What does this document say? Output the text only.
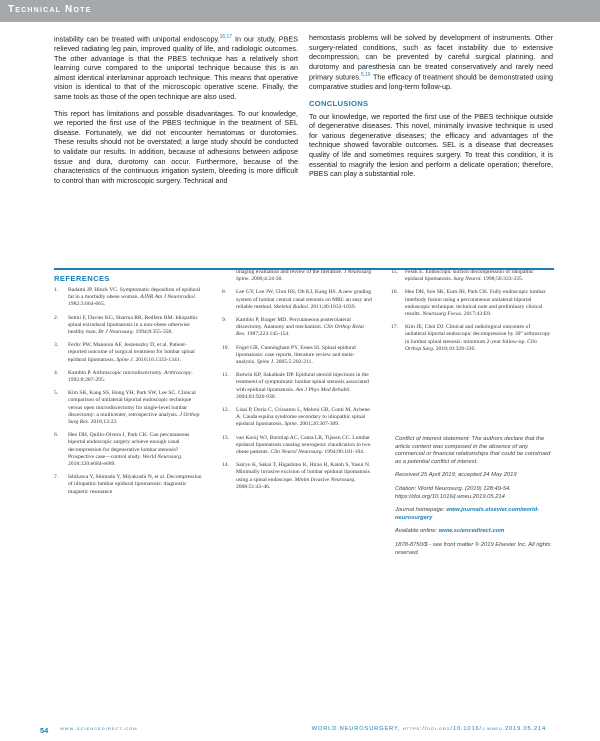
Technical Note

instability can be treated with uniportal endoscopy.$^{16,17}$ In our study, PBES relieved radiating leg pain, improved quality of life, and radiologic outcomes. The other advantage is that the PBES technique has a relatively short learning curve compared to the uniportal technique because this is an almost identical interlaminar approach technique. This means that operative vision is identical to that of the microscopic operative scene. Finally, the same tools as those of the open technique are also used.

This report has limitations and possible disadvantages. To our knowledge, we reported the first use of the PBES technique in the treatment of SEL disease. Fortunately, we did not encounter hematomas or durotomies. These results should not be overstated; a large study should be conducted to validate our results. In addition, because of adhesions between adipose tissue and dura, durotomy can occur. Furthermore, because of the characteristics of the continuous irrigation system, bleeding is more difficult to control than with microscopic surgery. Technical and

hemostasis problems will be solved by development of instruments. Other surgery-related conditions, such as facet instability due to extensive decompression, can be prevented by careful surgical planning, and durotomy and paresthesia can be treated conservatively and rarely need primary sutures.$^{5,16}$ The efficacy of treatment should be demonstrated using comparative studies and long-term follow-up.

CONCLUSIONS

To our knowledge, we reported the first use of the PBES technique outside of degenerative diseases. This novel, minimally invasive technique is used for various degenerative diseases; the efficacy and advantages of the technique showed favorable outcomes. SEL is a disease that decreases quality of life and sometimes requires surgery. To treat this condition, it is essential to magnify the lesion and perform a delicate operation; therefore, PBES can play a substantial role.

REFERENCES
1.	Badami JP, Hinck VC. Symptomatic deposition of epidural fat in a morbidly obese woman. AJNR Am J Neuroradiol. 1982;3:664-665.
2.	Selmi F, Davies KG, Sharma RR, Redfern RM. Idiopathic spinal extradural lipomatosis in a non-obese otherwise healthy man. Br J Neurosurg. 1994;8:355-358.
3.	Ferlic PW, Mannion AF, Jeszenszky D, et al. Patient-reported outcome of surgical treatment for lumbar spinal epidural lipomatosis. Spine J. 2016;16:1333-1341.
4.	Kambin P. Arthroscopic microdiscectomy. Arthroscopy. 1992;8:287-295.
5.	Kim SK, Kang SS, Hong YH, Park SW, Lee SC. Clinical comparison of unilateral biportal endoscopic technique versus open microdiscectomy for single-level lumbar discectomy: a multicenter, retrospective analysis. J Orthop Surg Res. 2018;13:22.
6.	Heo DH, Quillo-Olvera J, Park CK. Can percutaneous biportal endoscopic surgery achieve enough canal decompression for degenerative lumbar stenosis? Prospective case—control study. World Neurosurg. 2018;120:e684-e689.
7.	Ishikawa Y, Shimada Y, Miyakoshi N, et al. Decompression of idiopathic lumbar epidural lipomatosis: diagnostic magnetic resonance
imaging evaluation and review of the literature. J Neurosurg Spine. 2006;4:24-30.
8.	Lee GY, Lee JW, Choi HS, Oh KJ, Kang HS. A new grading system of lumbar central canal stenosis on MRI: an easy and reliable method. Skeletal Radiol. 2011;40:1033-1039.
9.	Kambin P, Brager MD. Percutaneous posterolateral discectomy. Anatomy and mechanism. Clin Orthop Relat Res. 1987;223:145-154.
10.	Fogel GR, Cunningham PY, Esses SI. Spinal epidural lipomatosis: case reports, literature review and meta-analysis. Spine J. 2005;5:202-211.
11.	Botwin KP, Sakalkale DP. Epidural steroid injections in the treatment of symptomatic lumbar spinal stenosis associated with epidural lipomatosis. Am J Phys Med Rehabil. 2004;83:926-930.
12.	Lisai P, Doria C, Crissantu L, Meloni GB, Conti M, Achene A. Cauda equina syndrome secondary to idiopathic spinal epidural lipomatosis. Spine. 2001;26:307-309.
13.	van Kooij WJ, Borstlap AC, Canta LR, Tijssen CC. Lumbar epidural lipomatosis causing neurogenic claudication in two obese patients. Clin Neurol Neurosurg. 1994;96:181-184.
14.	Sairyo K, Sakai T, Higashino K, Hirao R, Katoh S, Yasui N. Minimally invasive excision of lumbar epidural lipomatosis using a spinal endoscope. Minim Invasive Neurosurg. 2008;51:43-46.
15.	Fessk E. Endoscopic suction decompression of idiopathic epidural lipomatosis. Surg Neurol. 1998;50:333-335.
16.	Heo DH, Son SK, Eum JH, Park CK. Fully endoscopic lumbar interbody fusion using a percutaneous unilateral biportal endoscopic technique: technical note and preliminary clinical results. Neurosurg Focus. 2017;43:E8.
17.	Kim JE, Choi DJ. Clinical and radiological outcomes of unilateral biportal endoscopic decompression by 30° arthroscopy in lumbar spinal stenosis: minimum 2-year follow-up. Clin Orthop Surg. 2018;10:328-336.

Conflict of interest statement: The authors declare that the article content was composed in the absence of any commercial or financial relationships that could be construed as a potential conflict of interest.

Received 25 April 2019; accepted 24 May 2019

Citation: World Neurosurg. (2019) 128:49-54.
https://doi.org/10.1016/j.wneu.2019.05.214

Journal homepage: www.journals.elsevier.com/world-neurosurgery

Available online: www.sciencedirect.com

1878-8750/$ - see front matter © 2019 Elsevier Inc. All rights reserved.

54 www.sciencedirect.com	WORLD NEUROSURGERY, https://doi.org/10.1016/j.wneu.2019.05.214
